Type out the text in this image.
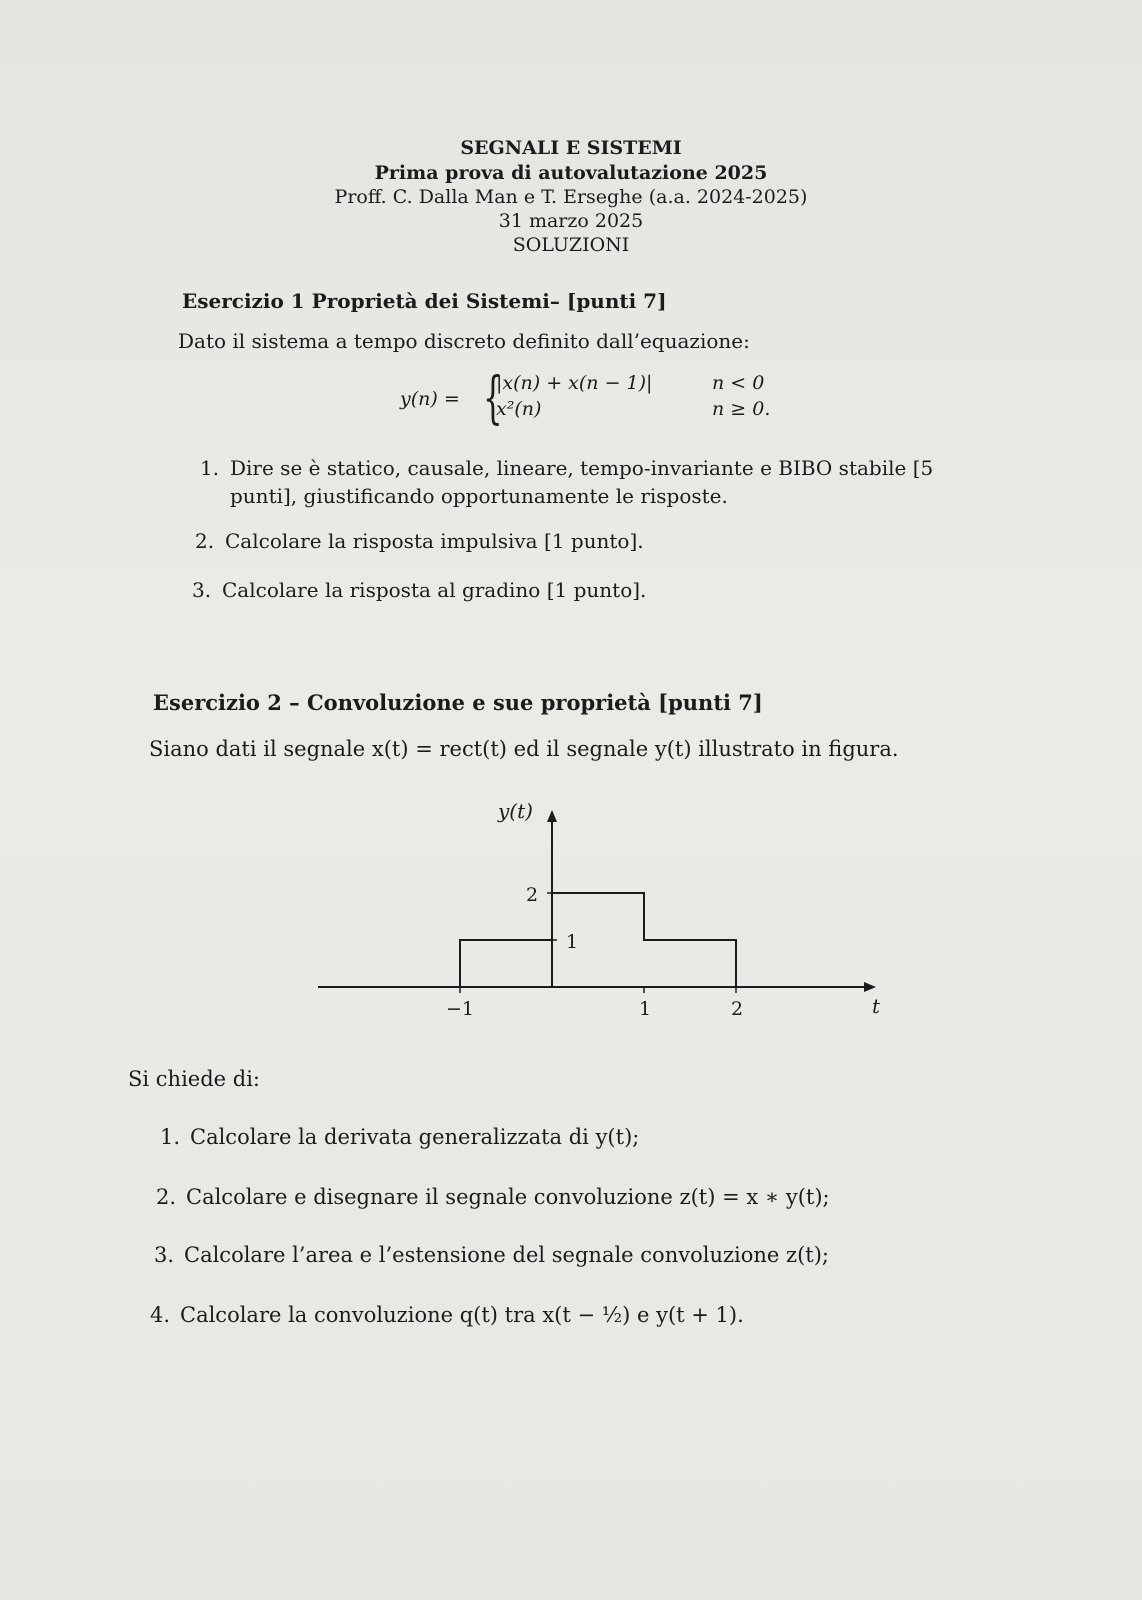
SEGNALI E SISTEMI
Prima prova di autovalutazione 2025
Proff. C. Dalla Man e T. Erseghe (a.a. 2024-2025)
31 marzo 2025
SOLUZIONI
Esercizio 1 Proprietà dei Sistemi– [punti 7]
Dato il sistema a tempo discreto definito dall’equazione:
y(n) = {
|x(n) + x(n − 1)|	n < 0
x²(n)	n ≥ 0.
1. Dire se è statico, causale, lineare, tempo-invariante e BIBO stabile [5
punti], giustificando opportunamente le risposte.
2. Calcolare la risposta impulsiva [1 punto].
3. Calcolare la risposta al gradino [1 punto].
Esercizio 2 – Convoluzione e sue proprietà [punti 7]
Siano dati il segnale x(t) = rect(t) ed il segnale y(t) illustrato in figura.
−1	1	2
2
1
y(t)
t
Si chiede di:
1. Calcolare la derivata generalizzata di y(t);
2. Calcolare e disegnare il segnale convoluzione z(t) = x ∗ y(t);
3. Calcolare l’area e l’estensione del segnale convoluzione z(t);
4. Calcolare la convoluzione q(t) tra x(t − ½) e y(t + 1).
